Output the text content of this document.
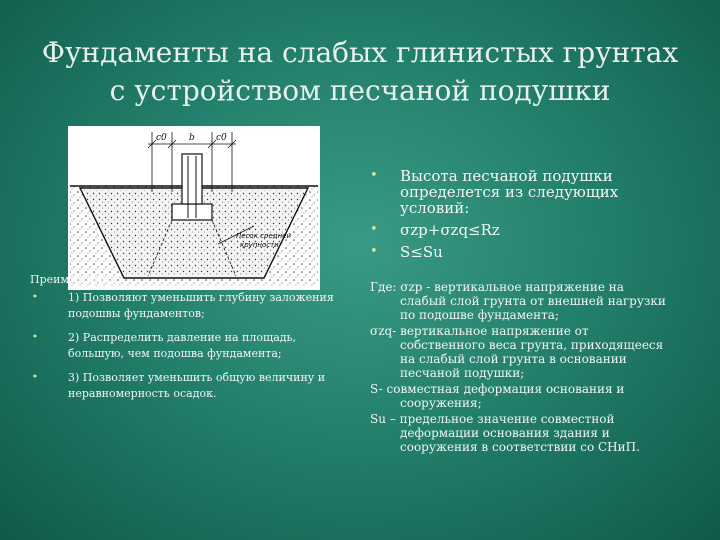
Фундаменты на слабых глинистых грунтах
с устройством песчаной подушки
c0 b c0
Песок средней
крупности
Преимущества:
•	1) Позволяют уменьшить глубину заложения подошвы фундаментов;
•	2) Распределить давление на площадь, большую, чем подошва фундамента;
•	3) Позволяет уменьшить общую величину и неравномерность осадок.
• Высота песчаной подушки определется из следующих условий:
• σzp+σzq≤Rz
• S≤Su

Где: σzp - вертикальное напряжение на слабый слой грунта от внешней нагрузки по подошве фундамента;

σzq- вертикальное напряжение от собственного веса грунта, приходящееся на слабый слой грунта в основании песчаной подушки;

S- совместная деформация основания и сооружения;

Su – предельное значение совместной деформации основания здания и сооружения в соответствии со СНиП.
